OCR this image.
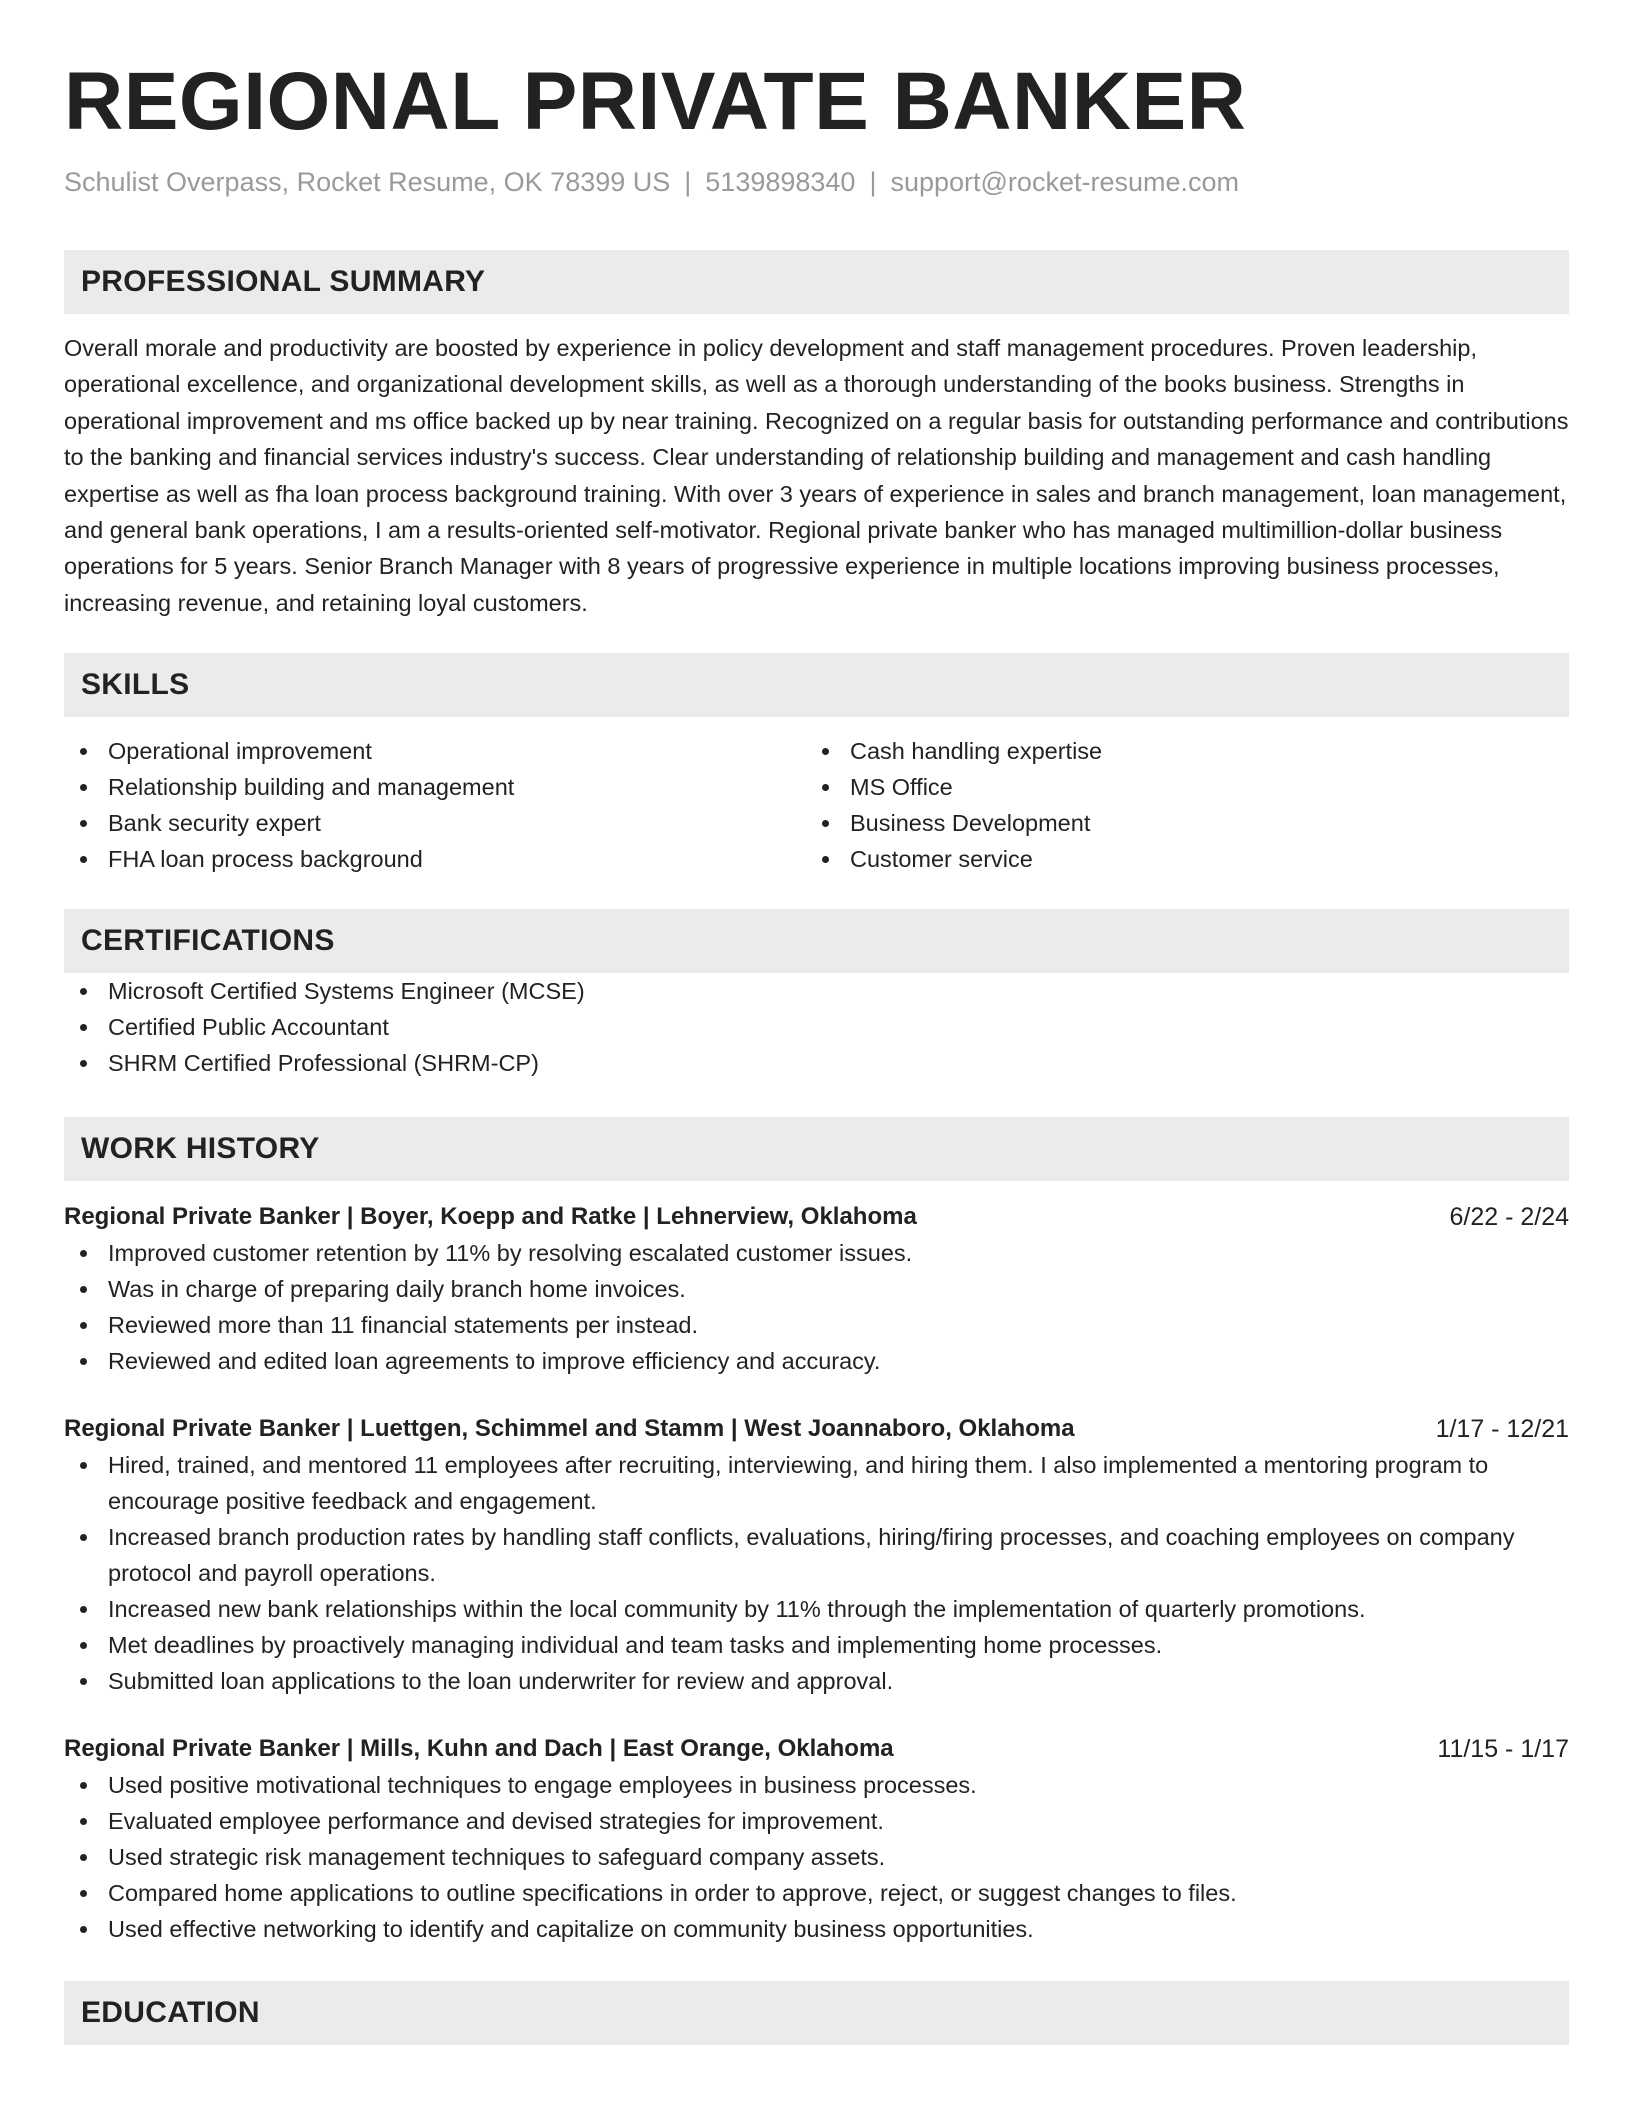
REGIONAL PRIVATE BANKER
Schulist Overpass, Rocket Resume, OK 78399 US | 5139898340 | support@rocket-resume.com
PROFESSIONAL SUMMARY
Overall morale and productivity are boosted by experience in policy development and staff management procedures. Proven leadership, operational excellence, and organizational development skills, as well as a thorough understanding of the books business. Strengths in operational improvement and ms office backed up by near training. Recognized on a regular basis for outstanding performance and contributions to the banking and financial services industry's success. Clear understanding of relationship building and management and cash handling expertise as well as fha loan process background training. With over 3 years of experience in sales and branch management, loan management, and general bank operations, I am a results-oriented self-motivator. Regional private banker who has managed multimillion-dollar business operations for 5 years. Senior Branch Manager with 8 years of progressive experience in multiple locations improving business processes, increasing revenue, and retaining loyal customers.
SKILLS
Operational improvement
Relationship building and management
Bank security expert
FHA loan process background
Cash handling expertise
MS Office
Business Development
Customer service
CERTIFICATIONS
Microsoft Certified Systems Engineer (MCSE)
Certified Public Accountant
SHRM Certified Professional (SHRM-CP)
WORK HISTORY
Regional Private Banker | Boyer, Koepp and Ratke | Lehnerview, Oklahoma	6/22 - 2/24
Improved customer retention by 11% by resolving escalated customer issues.
Was in charge of preparing daily branch home invoices.
Reviewed more than 11 financial statements per instead.
Reviewed and edited loan agreements to improve efficiency and accuracy.
Regional Private Banker | Luettgen, Schimmel and Stamm | West Joannaboro, Oklahoma	1/17 - 12/21
Hired, trained, and mentored 11 employees after recruiting, interviewing, and hiring them. I also implemented a mentoring program to encourage positive feedback and engagement.
Increased branch production rates by handling staff conflicts, evaluations, hiring/firing processes, and coaching employees on company protocol and payroll operations.
Increased new bank relationships within the local community by 11% through the implementation of quarterly promotions.
Met deadlines by proactively managing individual and team tasks and implementing home processes.
Submitted loan applications to the loan underwriter for review and approval.
Regional Private Banker | Mills, Kuhn and Dach | East Orange, Oklahoma	11/15 - 1/17
Used positive motivational techniques to engage employees in business processes.
Evaluated employee performance and devised strategies for improvement.
Used strategic risk management techniques to safeguard company assets.
Compared home applications to outline specifications in order to approve, reject, or suggest changes to files.
Used effective networking to identify and capitalize on community business opportunities.
EDUCATION
